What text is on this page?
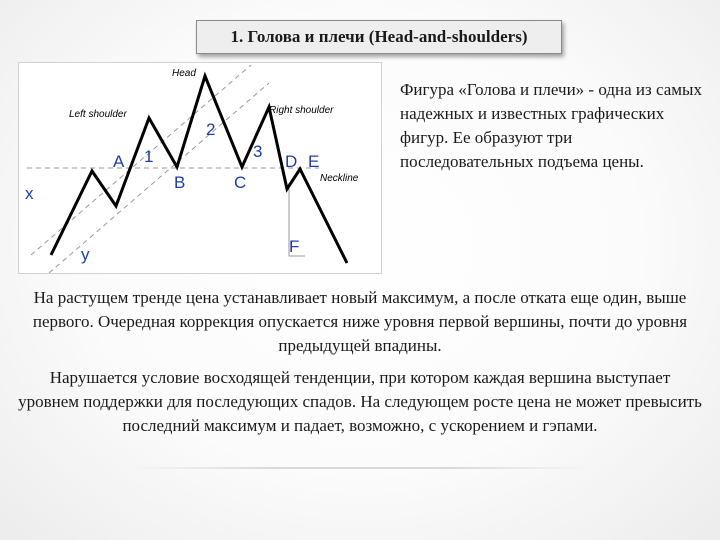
1. Голова и плечи (Head-and-shoulders)
Head
Left shoulder	Right shoulder
Neckline
A 1
2
3
B	C
D E
F
x
y
Фигура «Голова и плечи» - одна из самых надежных и известных графических фигур. Ее образуют три последовательных подъема цены.
На растущем тренде цена устанавливает новый максимум, а после отката еще один, выше первого. Очередная коррекция опускается ниже уровня первой вершины, почти до уровня предыдущей впадины.
Нарушается условие восходящей тенденции, при котором каждая вершина выступает уровнем поддержки для последующих спадов. На следующем росте цена не может превысить последний максимум и падает, возможно, с ускорением и гэпами.
